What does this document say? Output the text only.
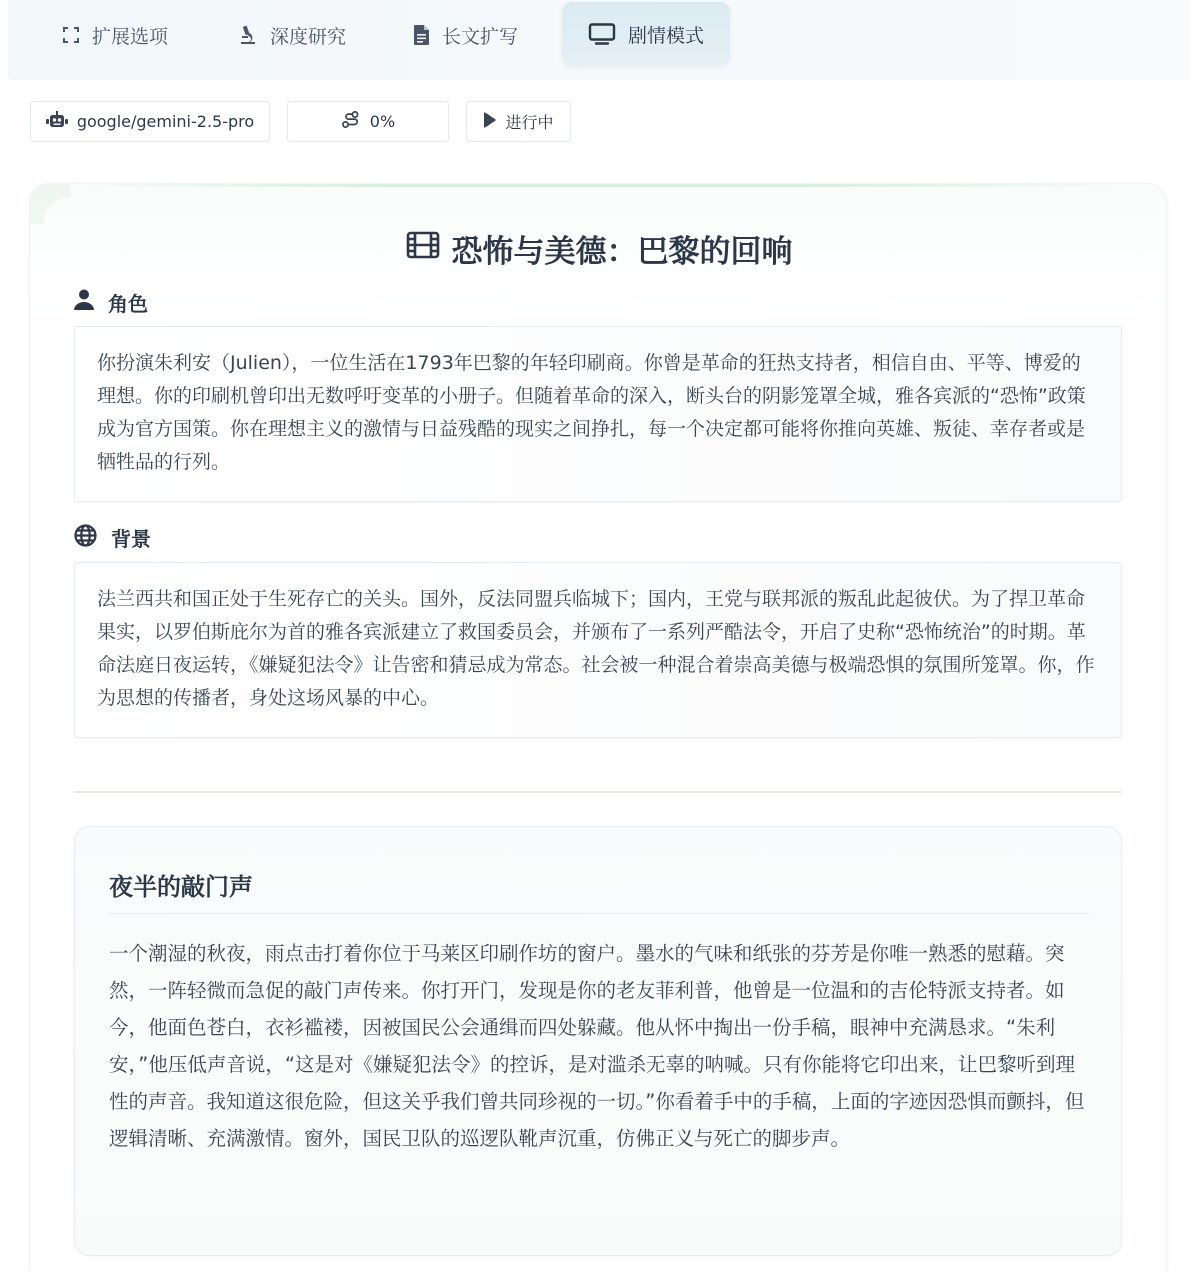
扩展选项	深度研究	长文扩写	剧情模式
google/gemini-2.5-pro	0%	进行中
恐怖与美德：巴黎的回响
角色
你扮演朱利安（Julien），一位生活在1793年巴黎的年轻印刷商。你曾是革命的狂热支持者，相信自由、平等、博爱的理想。你的印刷机曾印出无数呼吁变革的小册子。但随着革命的深入，断头台的阴影笼罩全城，雅各宾派的“恐怖”政策成为官方国策。你在理想主义的激情与日益残酷的现实之间挣扎，每一个决定都可能将你推向英雄、叛徒、幸存者或是牺牲品的行列。
背景
法兰西共和国正处于生死存亡的关头。国外，反法同盟兵临城下；国内，王党与联邦派的叛乱此起彼伏。为了捍卫革命果实，以罗伯斯庇尔为首的雅各宾派建立了救国委员会，并颁布了一系列严酷法令，开启了史称“恐怖统治”的时期。革命法庭日夜运转，《嫌疑犯法令》让告密和猜忌成为常态。社会被一种混合着崇高美德与极端恐惧的氛围所笼罩。你，作为思想的传播者，身处这场风暴的中心。
夜半的敲门声
一个潮湿的秋夜，雨点击打着你位于马莱区印刷作坊的窗户。墨水的气味和纸张的芬芳是你唯一熟悉的慰藉。突然，一阵轻微而急促的敲门声传来。你打开门，发现是你的老友菲利普，他曾是一位温和的吉伦特派支持者。如今，他面色苍白，衣衫褴褛，因被国民公会通缉而四处躲藏。他从怀中掏出一份手稿，眼神中充满恳求。“朱利安，”他压低声音说，“这是对《嫌疑犯法令》的控诉，是对滥杀无辜的呐喊。只有你能将它印出来，让巴黎听到理性的声音。我知道这很危险，但这关乎我们曾共同珍视的一切。”你看着手中的手稿，上面的字迹因恐惧而颤抖，但逻辑清晰、充满激情。窗外，国民卫队的巡逻队靴声沉重，仿佛正义与死亡的脚步声。
